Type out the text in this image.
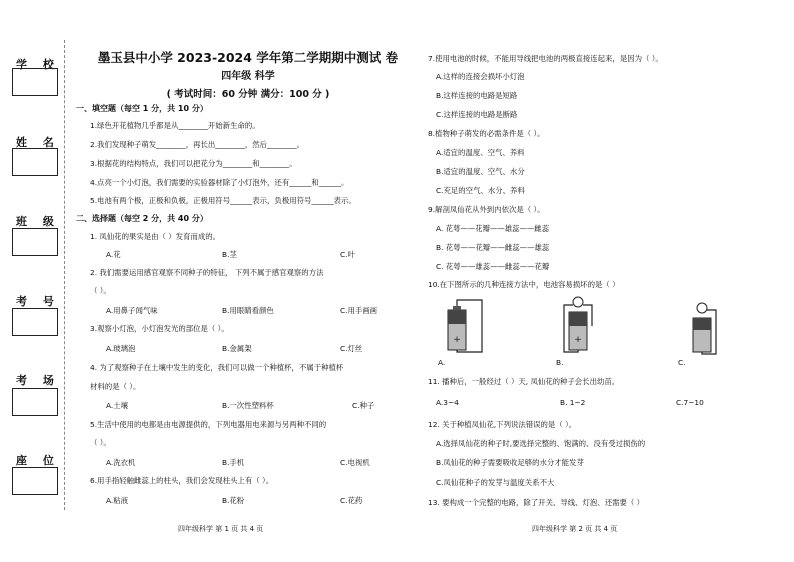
学 校
姓 名
班 级
考 号
考 场
座 位
墨玉县中小学 2023-2024 学年第二学期期中测试 卷
四年级 科学
( 考试时间：60 分钟 满分：100 分 )
一、填空题（每空 1 分，共 10 分）
1.绿色开花植物几乎都是从________开始新生命的。
2.我们发现种子萌发________，再长出________，然后________。
3.根据花的结构特点，我们可以把花分为________和________。
4.点亮一个小灯泡，我们需要的实验器材除了小灯泡外，还有______和______。
5.电池有两个极，正极和负极，正极用符号______表示，负极用符号______表示。
二、选择题（每空 2 分，共 40 分）
1. 凤仙花的果实是由（ ）发育而成的。
A.花	B.茎	C.叶
2. 我们需要运用感官观察不同种子的特征， 下列不属于感官观察的方法
（ ）。
A.用鼻子闻气味	B.用眼睛看颜色	C.用手画画
3.观察小灯泡，小灯泡发光的部位是（ ）。
A.玻璃泡	B.金属架	C.灯丝
4. 为了观察种子在土壤中发生的变化，我们可以做一个种植杯，不属于种植杯
材料的是（ ）。
A.土壤	B.一次性塑料杯	C.种子
5.生活中使用的电都是由电源提供的，下列电器用电来源与另两种不同的
（ ）。
A.洗衣机	B.手机	C.电视机
6.用手指轻触雌蕊上的柱头，我们会发现柱头上有（ ）。
A.粘液	B.花粉	C.花药
四年级科学 第 1 页 共 4 页
7.使用电池的时候，不能用导线把电池的两极直接连起来，是因为（ ）。
A.这样的连接会损坏小灯泡
B.这样连接的电路是短路
C.这样连接的电路是断路
8.植物种子萌发的必需条件是（ ）。
A.适宜的温度、空气、养料
B.适宜的温度、空气、水分
C.充足的空气、水分、养料
9.解剖凤仙花从外到内依次是（ ）。
A. 花萼——花瓣——雄蕊——雌蕊
B. 花萼——花瓣——雌蕊——雄蕊
C. 花萼——雄蕊——雌蕊——花瓣
10.在下图所示的几种连接方法中，电池容易损坏的是（ ）
+
A.
+
B.	C.
11. 播种后，一般经过（ ）天, 凤仙花的种子会长出幼苗。
A.3~4	B. 1~2	C.7~10
12. 关于种植凤仙花,下列说法错误的是（ ）。
A.选择凤仙花的种子时,要选择完整的、饱满的、没有受过损伤的
B.凤仙花的种子需要吸收足够的水分才能发芽
C.凤仙花种子的发芽与温度关系不大
13. 要构成一个完整的电路，除了开关、导线、灯泡、还需要（ ）
四年级科学 第 2 页 共 4 页
